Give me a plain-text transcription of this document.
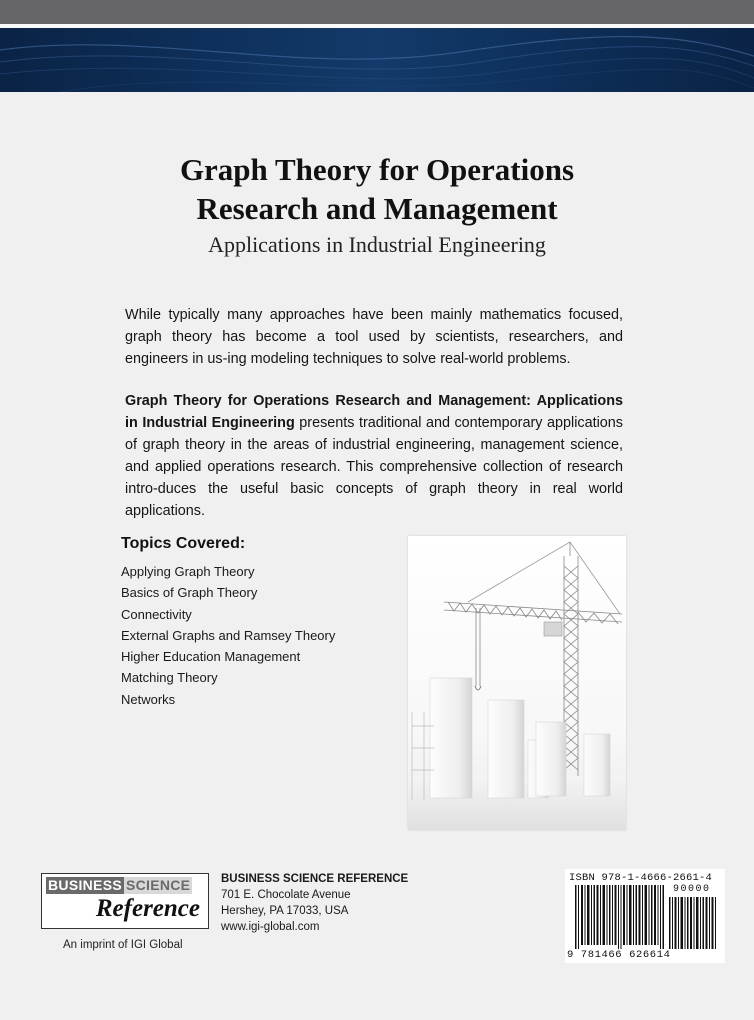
Graph Theory for Operations
Research and Management
Applications in Industrial Engineering
While typically many approaches have been mainly mathematics focused, graph theory has become a tool used by scientists, researchers, and engineers in us-ing modeling techniques to solve real-world problems.
Graph Theory for Operations Research and Management: Applications in Industrial Engineering presents traditional and contemporary applications of graph theory in the areas of industrial engineering, management science, and applied operations research. This comprehensive collection of research intro-duces the useful basic concepts of graph theory in real world applications.
Topics Covered:
Applying Graph Theory
Basics of Graph Theory
Connectivity
External Graphs and Ramsey Theory
Higher Education Management
Matching Theory
Networks
BUSINESS SCIENCE
Reference
An imprint of IGI Global
BUSINESS SCIENCE REFERENCE
701 E. Chocolate Avenue
Hershey, PA 17033, USA
www.igi-global.com
ISBN 978-1-4666-2661-4
90000
9 781466 626614
